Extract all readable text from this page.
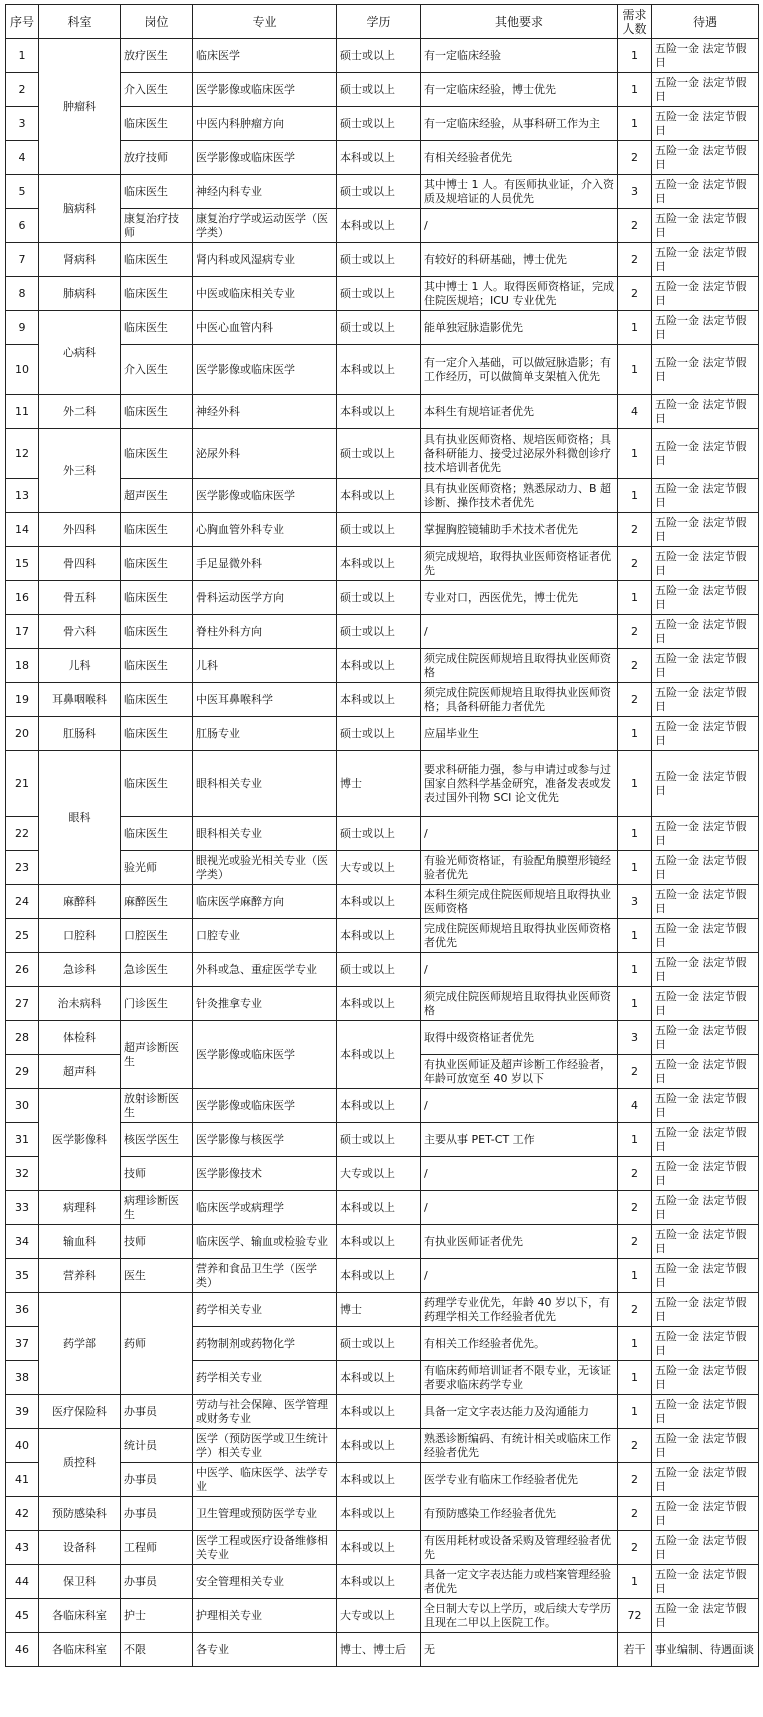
序号	科室	岗位	专业	学历	其他要求	需求人数	待遇
1	肿瘤科	放疗医生	临床医学	硕士或以上	有一定临床经验	1	五险一金 法定节假日
2		介入医生	医学影像或临床医学	硕士或以上	有一定临床经验，博士优先	1	五险一金 法定节假日
3		临床医生	中医内科肿瘤方向	硕士或以上	有一定临床经验，从事科研工作为主	1	五险一金 法定节假日
4		放疗技师	医学影像或临床医学	本科或以上	有相关经验者优先	2	五险一金 法定节假日
5	脑病科	临床医生	神经内科专业	硕士或以上	其中博士 1 人。有医师执业证，介入资质及规培证的人员优先	3	五险一金 法定节假日
6		康复治疗技师	康复治疗学或运动医学（医学类）	本科或以上	/	2	五险一金 法定节假日
7	肾病科	临床医生	肾内科或风湿病专业	硕士或以上	有较好的科研基础，博士优先	2	五险一金 法定节假日
8	肺病科	临床医生	中医或临床相关专业	硕士或以上	其中博士 1 人。取得医师资格证，完成住院医规培；ICU 专业优先	2	五险一金 法定节假日
9	心病科	临床医生	中医心血管内科	硕士或以上	能单独冠脉造影优先	1	五险一金 法定节假日
10		介入医生	医学影像或临床医学	本科或以上	有一定介入基础，可以做冠脉造影；有工作经历，可以做简单支架植入优先	1	五险一金 法定节假日
11	外二科	临床医生	神经外科	本科或以上	本科生有规培证者优先	4	五险一金 法定节假日
12	外三科	临床医生	泌尿外科	硕士或以上	具有执业医师资格、规培医师资格；具备科研能力、接受过泌尿外科微创诊疗技术培训者优先	1	五险一金 法定节假日
13		超声医生	医学影像或临床医学	本科或以上	具有执业医师资格；熟悉尿动力、B 超诊断、操作技术者优先	1	五险一金 法定节假日
14	外四科	临床医生	心胸血管外科专业	硕士或以上	掌握胸腔镜辅助手术技术者优先	2	五险一金 法定节假日
15	骨四科	临床医生	手足显微外科	本科或以上	须完成规培，取得执业医师资格证者优先	2	五险一金 法定节假日
16	骨五科	临床医生	骨科运动医学方向	硕士或以上	专业对口，西医优先，博士优先	1	五险一金 法定节假日
17	骨六科	临床医生	脊柱外科方向	硕士或以上	/	2	五险一金 法定节假日
18	儿科	临床医生	儿科	本科或以上	须完成住院医师规培且取得执业医师资格	2	五险一金 法定节假日
19	耳鼻咽喉科	临床医生	中医耳鼻喉科学	本科或以上	须完成住院医师规培且取得执业医师资格；具备科研能力者优先	2	五险一金 法定节假日
20	肛肠科	临床医生	肛肠专业	硕士或以上	应届毕业生	1	五险一金 法定节假日
21	眼科	临床医生	眼科相关专业	博士	要求科研能力强，参与申请过或参与过国家自然科学基金研究，准备发表或发表过国外刊物 SCI 论文优先	1	五险一金 法定节假日
22		临床医生	眼科相关专业	硕士或以上	/	1	五险一金 法定节假日
23		验光师	眼视光或验光相关专业（医学类）	大专或以上	有验光师资格证，有验配角膜塑形镜经验者优先	1	五险一金 法定节假日
24	麻醉科	麻醉医生	临床医学麻醉方向	本科或以上	本科生须完成住院医师规培且取得执业医师资格	3	五险一金 法定节假日
25	口腔科	口腔医生	口腔专业	本科或以上	完成住院医师规培且取得执业医师资格者优先	1	五险一金 法定节假日
26	急诊科	急诊医生	外科或急、重症医学专业	硕士或以上	/	1	五险一金 法定节假日
27	治未病科	门诊医生	针灸推拿专业	本科或以上	须完成住院医师规培且取得执业医师资格	1	五险一金 法定节假日
28	体检科	超声诊断医生	医学影像或临床医学	本科或以上	取得中级资格证者优先	3	五险一金 法定节假日
29	超声科				有执业医师证及超声诊断工作经验者，年龄可放宽至 40 岁以下	2	五险一金 法定节假日
30	医学影像科	放射诊断医生	医学影像或临床医学	本科或以上	/	4	五险一金 法定节假日
31		核医学医生	医学影像与核医学	硕士或以上	主要从事 PET-CT 工作	1	五险一金 法定节假日
32		技师	医学影像技术	大专或以上	/	2	五险一金 法定节假日
33	病理科	病理诊断医生	临床医学或病理学	本科或以上	/	2	五险一金 法定节假日
34	输血科	技师	临床医学、输血或检验专业	本科或以上	有执业医师证者优先	2	五险一金 法定节假日
35	营养科	医生	营养和食品卫生学（医学类）	本科或以上	/	1	五险一金 法定节假日
36	药学部	药师	药学相关专业	博士	药理学专业优先，年龄 40 岁以下，有药理学相关工作经验者优先	2	五险一金 法定节假日
37			药物制剂或药物化学	硕士或以上	有相关工作经验者优先。	1	五险一金 法定节假日
38			药学相关专业	本科或以上	有临床药师培训证者不限专业，无该证者要求临床药学专业	1	五险一金 法定节假日
39	医疗保险科	办事员	劳动与社会保障、医学管理或财务专业	本科或以上	具备一定文字表达能力及沟通能力	1	五险一金 法定节假日
40	质控科	统计员	医学（预防医学或卫生统计学）相关专业	本科或以上	熟悉诊断编码、有统计相关或临床工作经验者优先	2	五险一金 法定节假日
41		办事员	中医学、临床医学、法学专业	本科或以上	医学专业有临床工作经验者优先	2	五险一金 法定节假日
42	预防感染科	办事员	卫生管理或预防医学专业	本科或以上	有预防感染工作经验者优先	2	五险一金 法定节假日
43	设备科	工程师	医学工程或医疗设备维修相关专业	本科或以上	有医用耗材或设备采购及管理经验者优先	2	五险一金 法定节假日
44	保卫科	办事员	安全管理相关专业	本科或以上	具备一定文字表达能力或档案管理经验者优先	1	五险一金 法定节假日
45	各临床科室	护士	护理相关专业	大专或以上	全日制大专以上学历，或后续大专学历且现在二甲以上医院工作。	72	五险一金 法定节假日
46	各临床科室	不限	各专业	博士、博士后	无	若干	事业编制、待遇面谈
